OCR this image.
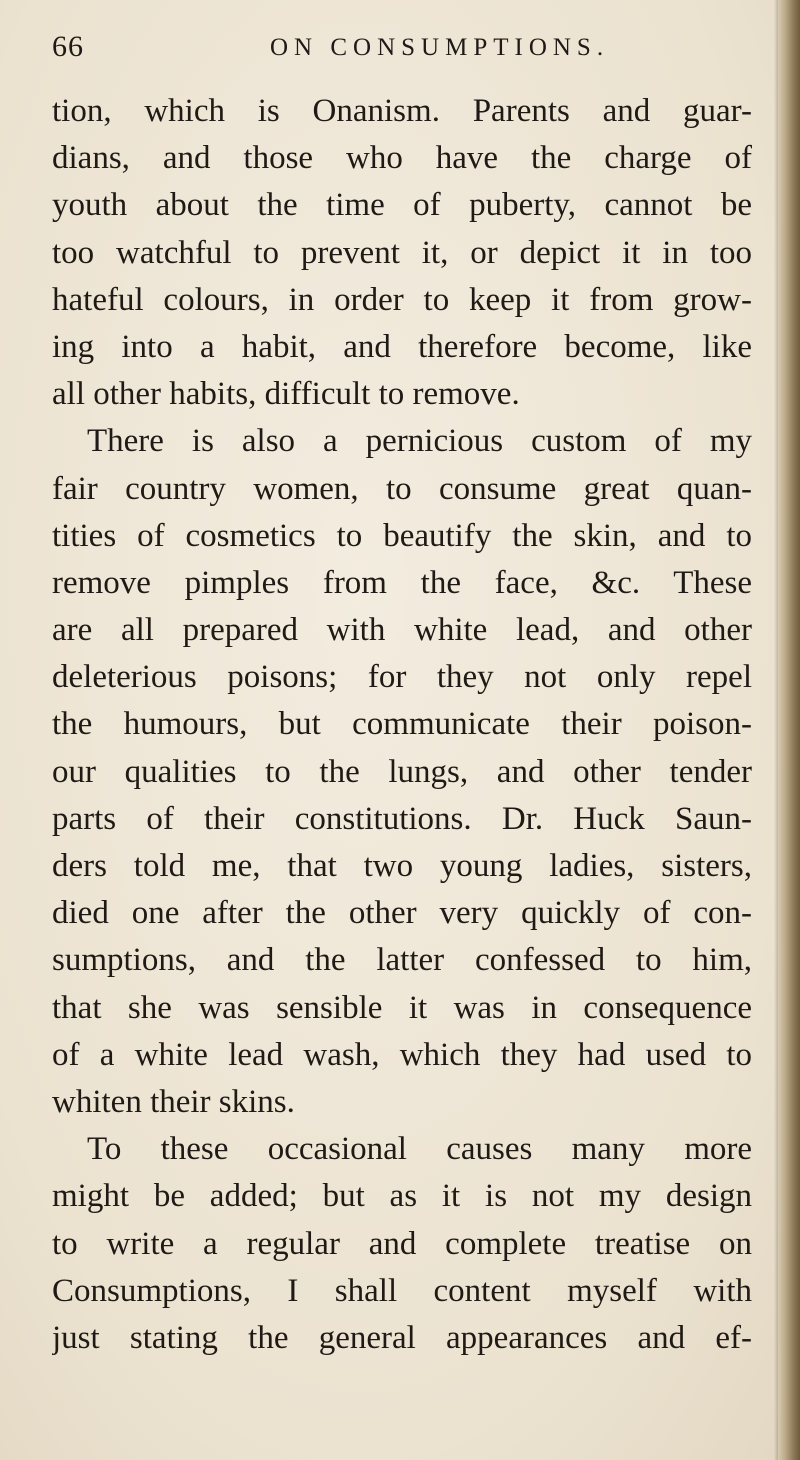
66	ON CONSUMPTIONS.
tion, which is Onanism. Parents and guar-
dians, and those who have the charge of
youth about the time of puberty, cannot be
too watchful to prevent it, or depict it in too
hateful colours, in order to keep it from grow-
ing into a habit, and therefore become, like
all other habits, difficult to remove.
There is also a pernicious custom of my
fair country women, to consume great quan-
tities of cosmetics to beautify the skin, and to
remove pimples from the face, &c. These
are all prepared with white lead, and other
deleterious poisons; for they not only repel
the humours, but communicate their poison-
our qualities to the lungs, and other tender
parts of their constitutions. Dr. Huck Saun-
ders told me, that two young ladies, sisters,
died one after the other very quickly of con-
sumptions, and the latter confessed to him,
that she was sensible it was in consequence
of a white lead wash, which they had used to
whiten their skins.
To these occasional causes many more
might be added; but as it is not my design
to write a regular and complete treatise on
Consumptions, I shall content myself with
just stating the general appearances and ef-
